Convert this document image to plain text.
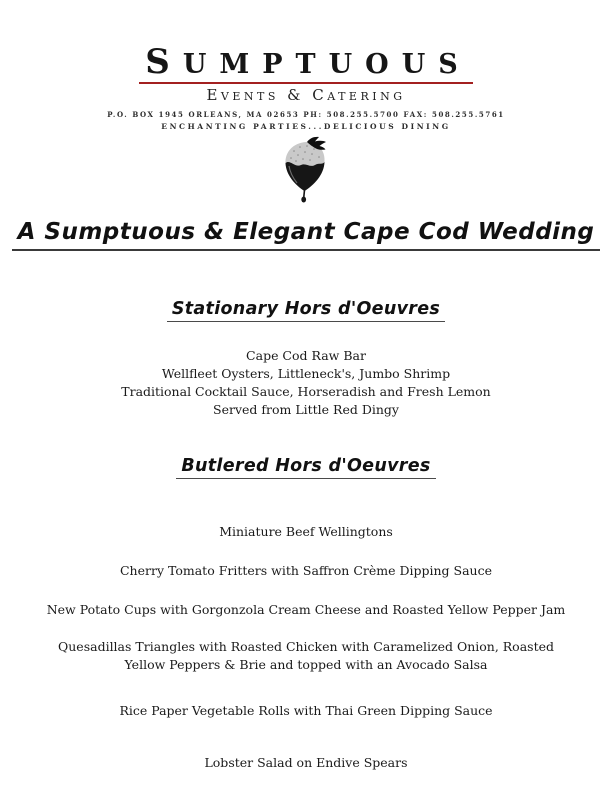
SUMPTUOUS
Events & Catering
P.O. BOX 1945 ORLEANS, MA 02653 PH: 508.255.5700 FAX: 508.255.5761
ENCHANTING PARTIES...DELICIOUS DINING
A Sumptuous & Elegant Cape Cod Wedding
Stationary Hors d'Oeuvres
Cape Cod Raw Bar
Wellfleet Oysters, Littleneck's, Jumbo Shrimp
Traditional Cocktail Sauce, Horseradish and Fresh Lemon
Served from Little Red Dingy
Butlered Hors d'Oeuvres
Miniature Beef Wellingtons
Cherry Tomato Fritters with Saffron Crème Dipping Sauce
New Potato Cups with Gorgonzola Cream Cheese and Roasted Yellow Pepper Jam
Quesadillas Triangles with Roasted Chicken with Caramelized Onion, Roasted Yellow Peppers & Brie and topped with an Avocado Salsa
Rice Paper Vegetable Rolls with Thai Green Dipping Sauce
Lobster Salad on Endive Spears
